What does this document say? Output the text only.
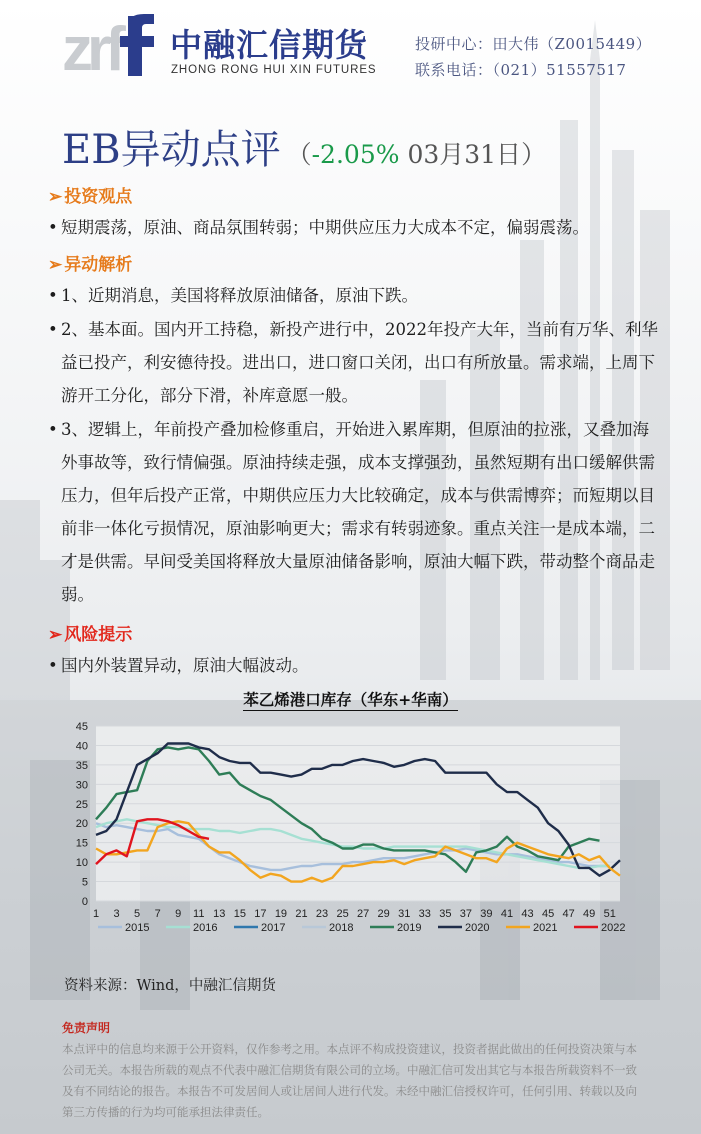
zrf 中融汇信期货
ZHONG RONG HUI XIN FUTURES
投研中心：田大伟（Z0015449）
联系电话：（021）51557517
EB异动点评 （-2.05% 03月31日）
➢ 投资观点
• 短期震荡，原油、商品氛围转弱；中期供应压力大成本不定，偏弱震荡。
➢ 异动解析
• 1、近期消息，美国将释放原油储备，原油下跌。
• 2、基本面。国内开工持稳，新投产进行中，2022年投产大年，当前有万华、利华益已投产，利安德待投。进出口，进口窗口关闭，出口有所放量。需求端，上周下游开工分化，部分下滑，补库意愿一般。
• 3、逻辑上，年前投产叠加检修重启，开始进入累库期，但原油的拉涨，又叠加海外事故等，致行情偏强。原油持续走强，成本支撑强劲，虽然短期有出口缓解供需压力，但年后投产正常，中期供应压力大比较确定，成本与供需博弈；而短期以目前非一体化亏损情况，原油影响更大；需求有转弱迹象。重点关注一是成本端，二才是供需。早间受美国将释放大量原油储备影响，原油大幅下跌，带动整个商品走弱。
➢ 风险提示
• 国内外装置异动，原油大幅波动。
苯乙烯港口库存（华东+华南）
0
5
10
15
20
25
30
35
40
45
1 3 5 7 9 11 13 15 17 19 21 23 25 27 29 31 33 35 37 39 41 43 45 47 49 51
2015	2016	2017	2018	2019	2020	2021	2022
资料来源：Wind，中融汇信期货
免责声明
本点评中的信息均来源于公开资料，仅作参考之用。本点评不构成投资建议，投资者据此做出的任何投资决策与本公司无关。本报告所载的观点不代表中融汇信期货有限公司的立场。中融汇信可发出其它与本报告所载资料不一致及有不同结论的报告。本报告不可发居间人或让居间人进行代发。未经中融汇信授权许可，任何引用、转载以及向第三方传播的行为均可能承担法律责任。
